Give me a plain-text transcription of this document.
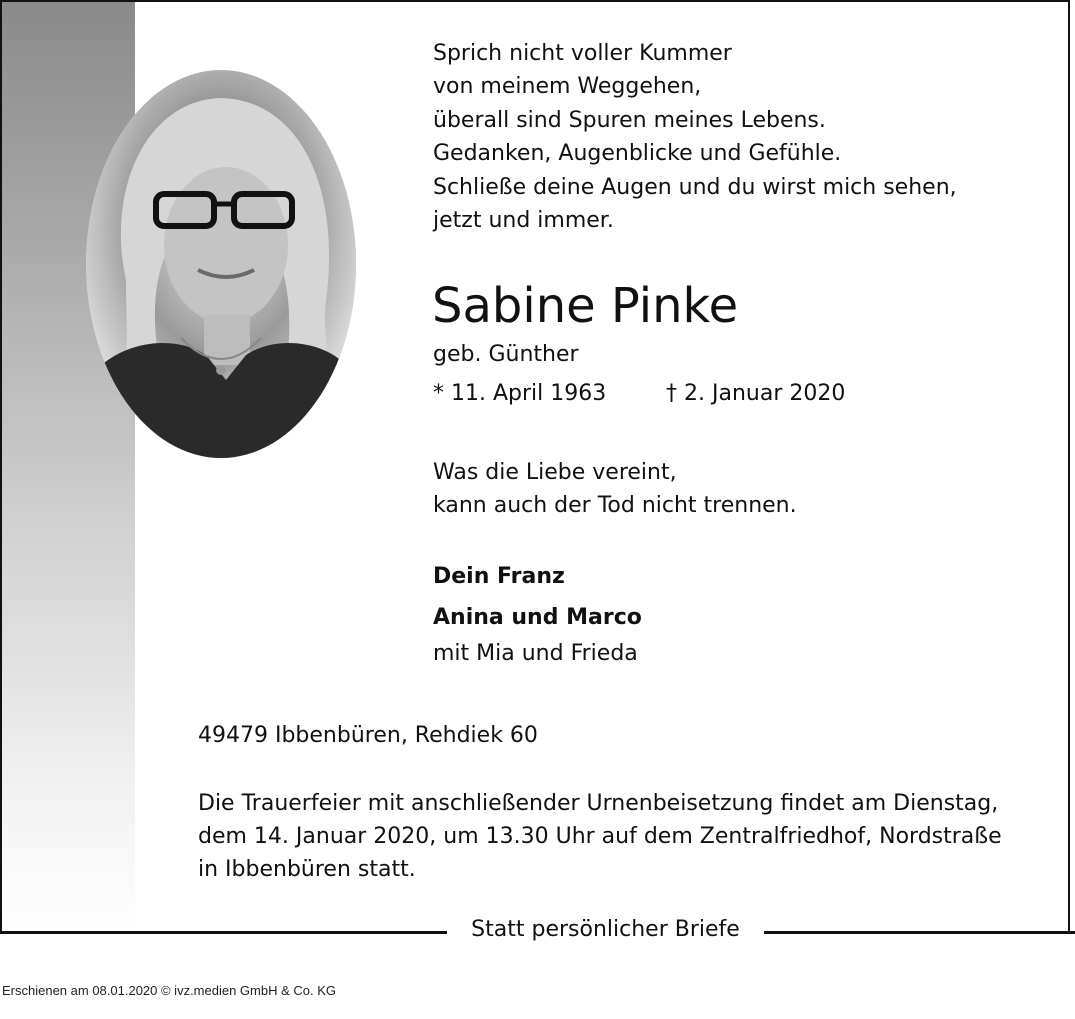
Sprich nicht voller Kummer
von meinem Weggehen,
überall sind Spuren meines Lebens.
Gedanken, Augenblicke und Gefühle.
Schließe deine Augen und du wirst mich sehen,
jetzt und immer.
Sabine Pinke
geb. Günther
* 11. April 1963	† 2. Januar 2020
Was die Liebe vereint,
kann auch der Tod nicht trennen.
Dein Franz
Anina und Marco
mit Mia und Frieda
49479 Ibbenbüren, Rehdiek 60
Die Trauerfeier mit anschließender Urnenbeisetzung findet am Dienstag,
dem 14. Januar 2020, um 13.30 Uhr auf dem Zentralfriedhof, Nordstraße
in Ibbenbüren statt.
Statt persönlicher Briefe
Erschienen am 08.01.2020 © ivz.medien GmbH & Co. KG
